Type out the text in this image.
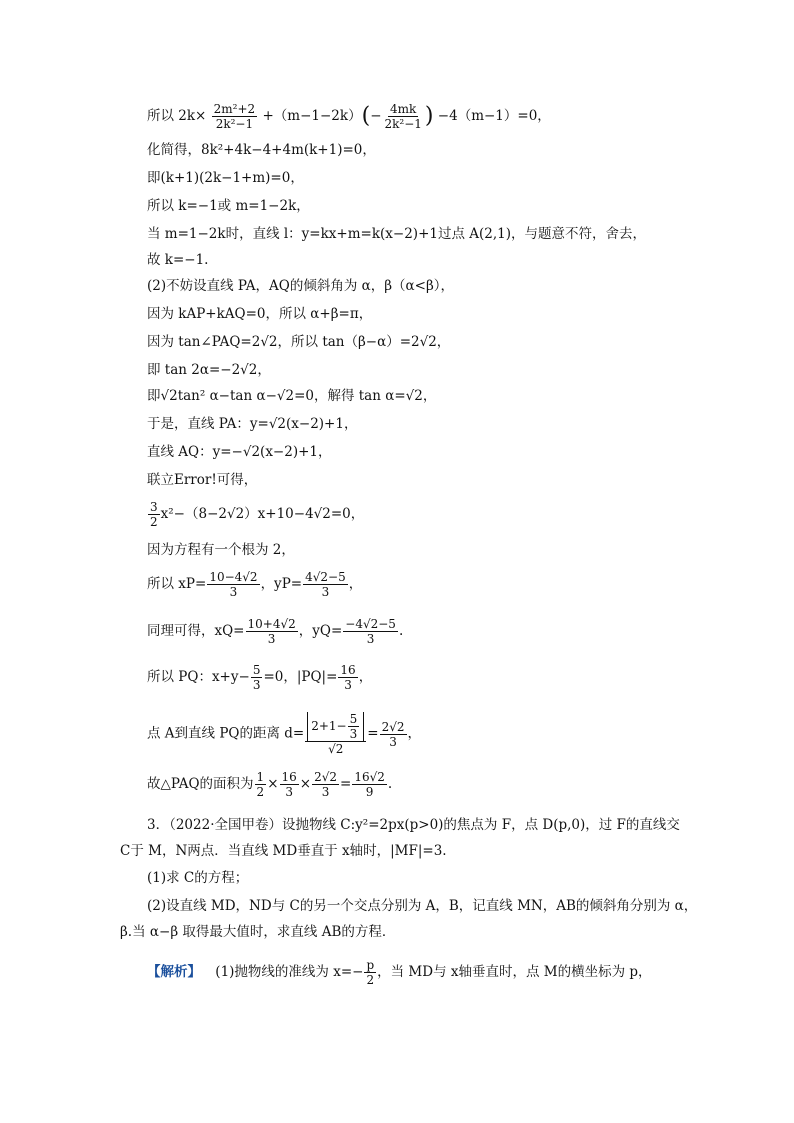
所以 $2k\times \frac{\text{2m²+2}}{\text{2k²−1}} +(m-1-2k)(- \frac{4mk}{\text{2k²−1}}$ ) −4（m−1）=0，
化简得，8k²+4k−4+4m(k+1)=0，
即(k+1)(2k−1+m)=0，
所以 k=−1或 m=1−2k，
当 m=1−2k时，直线 l：y=kx+m=k(x−2)+1过点 A(2,1)，与题意不符，舍去，
故 k=−1.
(2)不妨设直线 PA，AQ的倾斜角为 α，β（α<β），
因为 kAP+kAQ=0，所以 α+β=π，
因为 tan∠PAQ=2√2，所以 tan（β−α）=2√2，
即 tan 2α=−2√2，
即√2tan² α−tan α−√2=0，解得 tan α=√2，
于是，直线 PA：y=√2(x−2)+1，
直线 AQ：y=−√2(x−2)+1，
联立Error!可得，
$\frac{3}{2} x^2-(8-2√2)x+10-4√2=0$，
因为方程有一个根为 2，
所以 $xP= \frac{10-4√2}{3}$ ，$yP= \frac{4√2-5}{3}$ ，
同理可得，$xQ= \frac{10+4√2}{3}$ ，$yQ= \frac{-4√2-5}{3}$ .
所以 PQ：$x+y- \frac{5}{3} =0$，$|PQ|= \frac{16}{3}$ ，
点 A到直线 PQ的距离 $d= \frac{2+1- \frac{5}{3}}{√2} = \frac{2√2}{3}$ ，
故△PAQ的面积为 $\frac{1}{2} \times \frac{16}{3} \times \frac{2√2}{3} = \frac{16√2}{9}$ .
3．（2022·全国甲卷）设抛物线 C:y²=2px(p>0)的焦点为 F，点 D(p,0)，过 F的直线交
C于 M，N两点．当直线 MD垂直于 x轴时，|MF|=3.
(1)求 C的方程；
(2)设直线 MD，ND与 C的另一个交点分别为 A，B，记直线 MN，AB的倾斜角分别为 α，
β.当 α−β 取得最大值时，求直线 AB的方程．
【解析】 (1)抛物线的准线为 $x=- \frac{p}{2}$ ，当 MD与 x轴垂直时，点 M的横坐标为 p，
